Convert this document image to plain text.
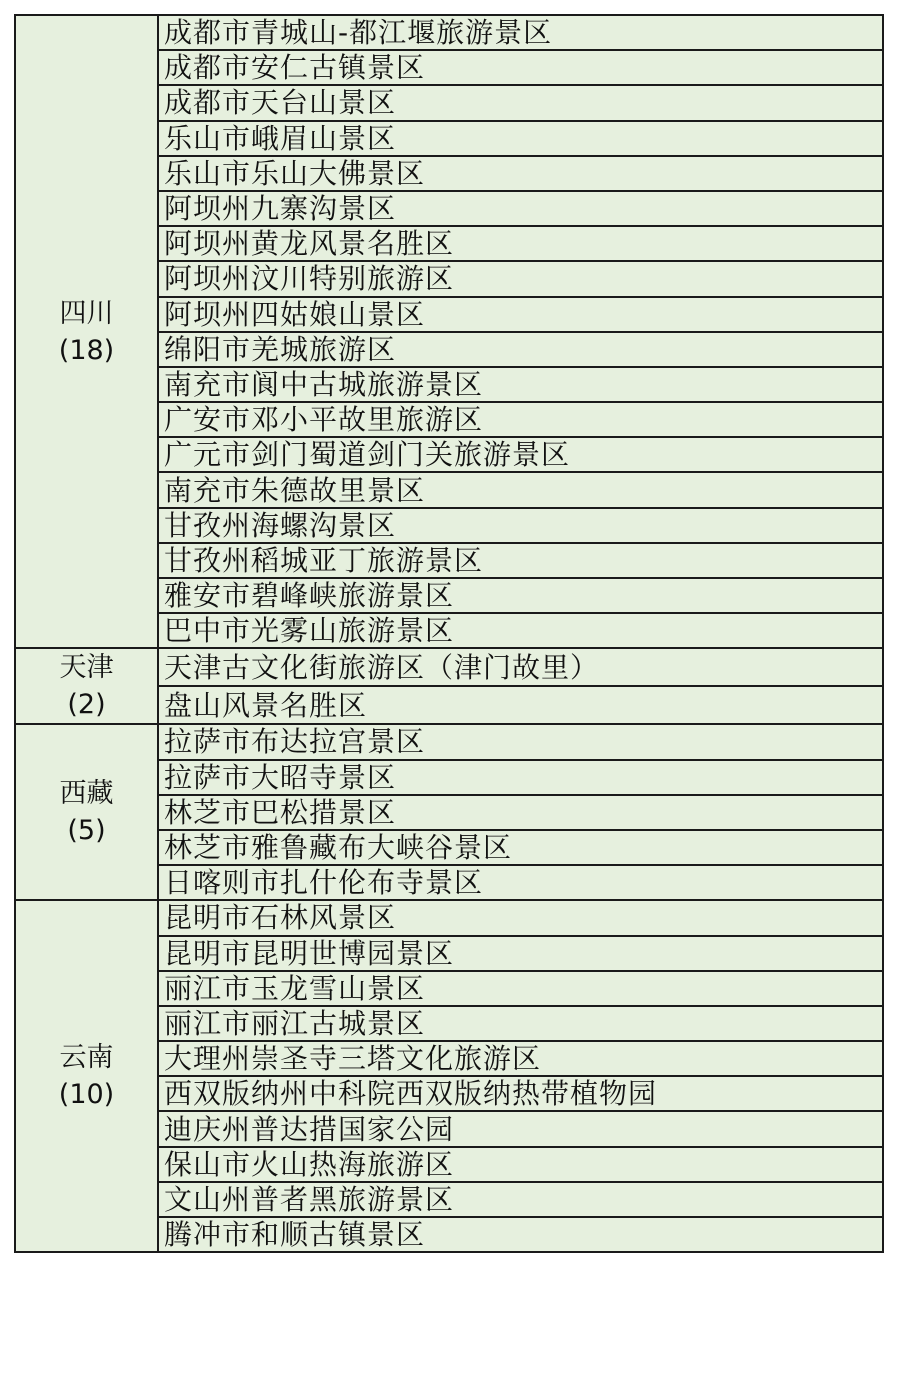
四川
(18)	成都市青城山-都江堰旅游景区
	成都市安仁古镇景区
	成都市天台山景区
	乐山市峨眉山景区
	乐山市乐山大佛景区
	阿坝州九寨沟景区
	阿坝州黄龙风景名胜区
	阿坝州汶川特别旅游区
	阿坝州四姑娘山景区
	绵阳市羌城旅游区
	南充市阆中古城旅游景区
	广安市邓小平故里旅游区
	广元市剑门蜀道剑门关旅游景区
	南充市朱德故里景区
	甘孜州海螺沟景区
	甘孜州稻城亚丁旅游景区
	雅安市碧峰峡旅游景区
	巴中市光雾山旅游景区

天津
(2)	天津古文化街旅游区（津门故里）
	盘山风景名胜区

西藏
(5)	拉萨市布达拉宫景区
	拉萨市大昭寺景区
	林芝市巴松措景区
	林芝市雅鲁藏布大峡谷景区
	日喀则市扎什伦布寺景区

云南
(10)	昆明市石林风景区
	昆明市昆明世博园景区
	丽江市玉龙雪山景区
	丽江市丽江古城景区
	大理州崇圣寺三塔文化旅游区
	西双版纳州中科院西双版纳热带植物园
	迪庆州普达措国家公园
	保山市火山热海旅游区
	文山州普者黑旅游景区
	腾冲市和顺古镇景区
